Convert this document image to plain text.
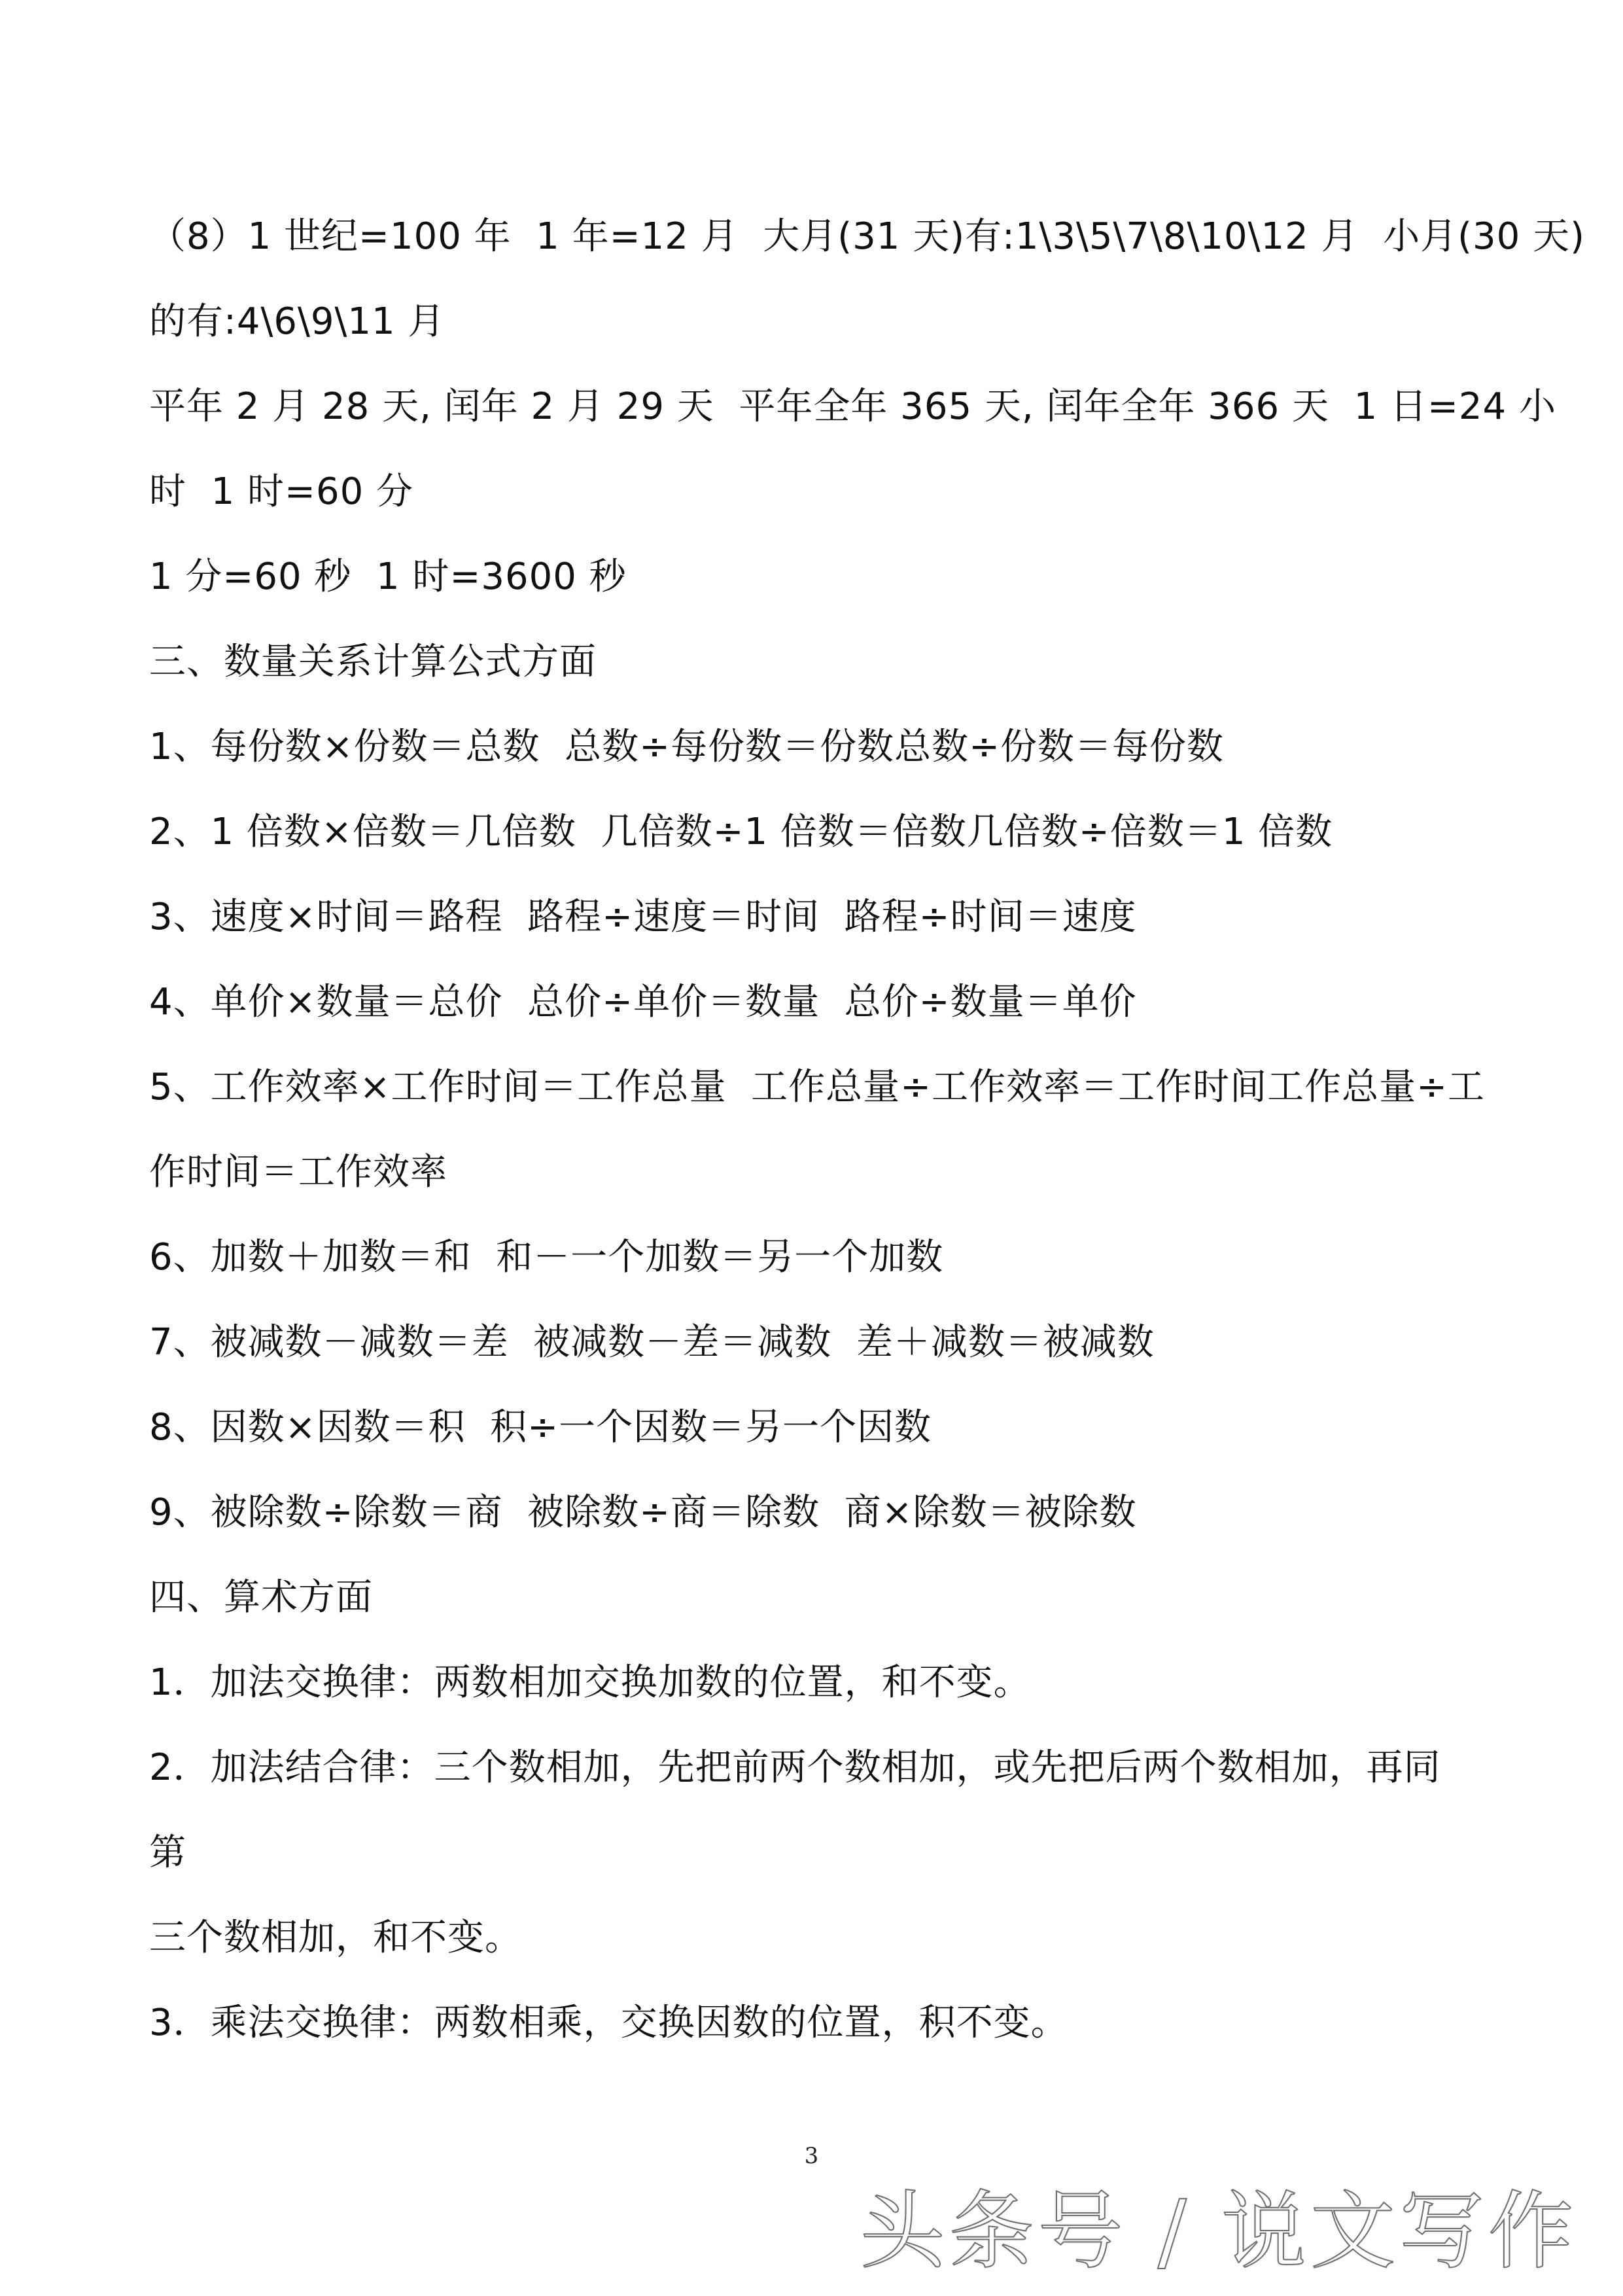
（8）1 世纪=100 年  1 年=12 月  大月(31 天)有:1\3\5\7\8\10\12 月  小月(30 天)
的有:4\6\9\11 月
平年 2 月 28 天, 闰年 2 月 29 天  平年全年 365 天, 闰年全年 366 天  1 日=24 小
时  1 时=60 分
1 分=60 秒  1 时=3600 秒
三、数量关系计算公式方面
1、每份数×份数＝总数  总数÷每份数＝份数总数÷份数＝每份数
2、1 倍数×倍数＝几倍数  几倍数÷1 倍数＝倍数几倍数÷倍数＝1 倍数
3、速度×时间＝路程  路程÷速度＝时间  路程÷时间＝速度
4、单价×数量＝总价  总价÷单价＝数量  总价÷数量＝单价
5、工作效率×工作时间＝工作总量  工作总量÷工作效率＝工作时间工作总量÷工
作时间＝工作效率
6、加数＋加数＝和  和－一个加数＝另一个加数
7、被减数－减数＝差  被减数－差＝减数  差＋减数＝被减数
8、因数×因数＝积  积÷一个因数＝另一个因数
9、被除数÷除数＝商  被除数÷商＝除数  商×除数＝被除数
四、算术方面
1．加法交换律：两数相加交换加数的位置，和不变。
2．加法结合律：三个数相加，先把前两个数相加，或先把后两个数相加，再同
第
三个数相加，和不变。
3．乘法交换律：两数相乘，交换因数的位置，积不变。
3
头条号 / 说文写作
